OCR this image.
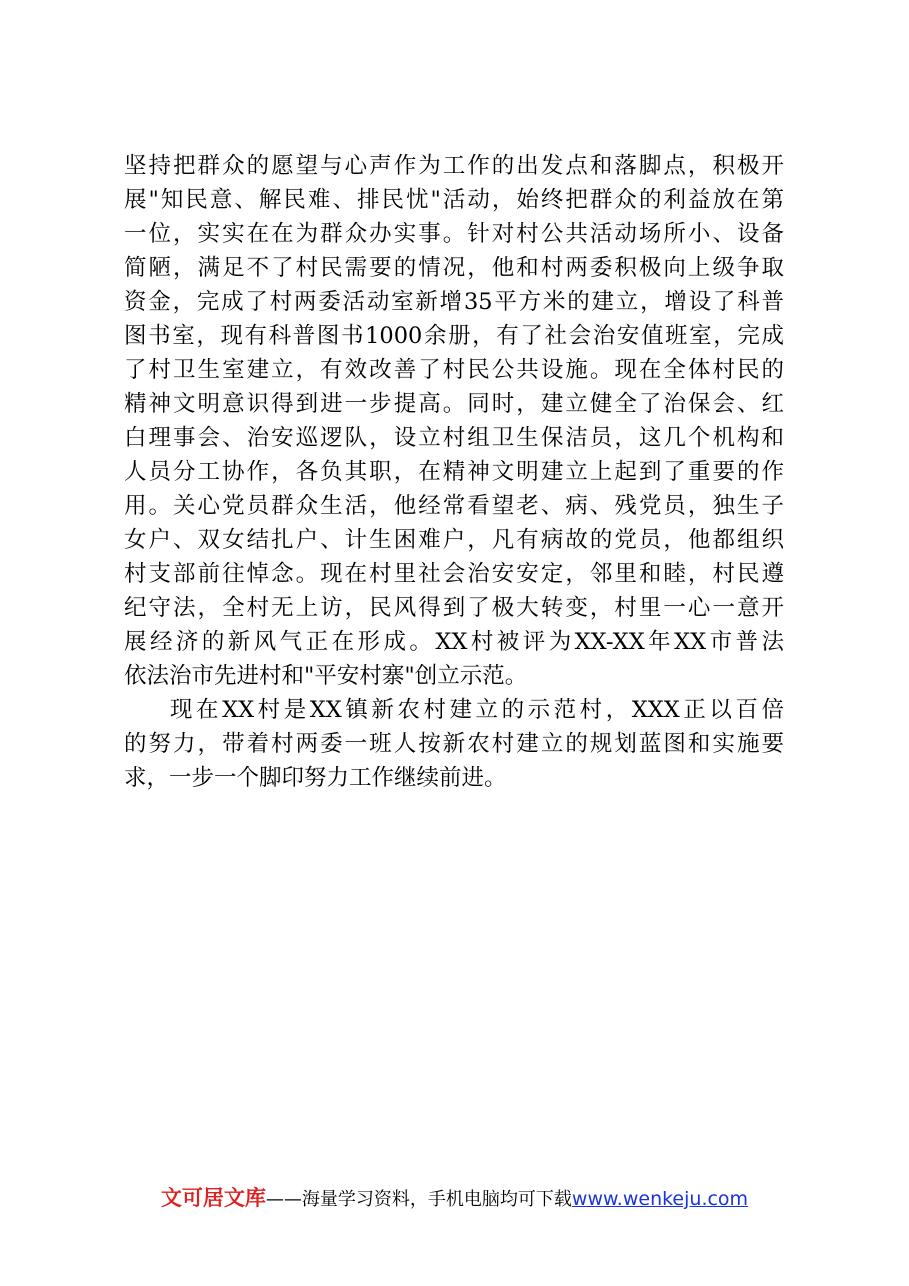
坚持把群众的愿望与心声作为工作的出发点和落脚点，积极开
展"知民意、解民难、排民忧"活动，始终把群众的利益放在第
一位，实实在在为群众办实事。针对村公共活动场所小、设备
简陋，满足不了村民需要的情况，他和村两委积极向上级争取
资金，完成了村两委活动室新增35平方米的建立，增设了科普
图书室，现有科普图书1000余册，有了社会治安值班室，完成
了村卫生室建立，有效改善了村民公共设施。现在全体村民的
精神文明意识得到进一步提高。同时，建立健全了治保会、红
白理事会、治安巡逻队，设立村组卫生保洁员，这几个机构和
人员分工协作，各负其职，在精神文明建立上起到了重要的作
用。关心党员群众生活，他经常看望老、病、残党员，独生子
女户、双女结扎户、计生困难户，凡有病故的党员，他都组织
村支部前往悼念。现在村里社会治安安定，邻里和睦，村民遵
纪守法，全村无上访，民风得到了极大转变，村里一心一意开
展经济的新风气正在形成。XX村被评为XX-XX年XX市普法
依法治市先进村和"平安村寨"创立示范。
现在XX村是XX镇新农村建立的示范村，XXX正以百倍
的努力，带着村两委一班人按新农村建立的规划蓝图和实施要
求，一步一个脚印努力工作继续前进。
文可居文库——海量学习资料，手机电脑均可下载www.wenkeju.com
